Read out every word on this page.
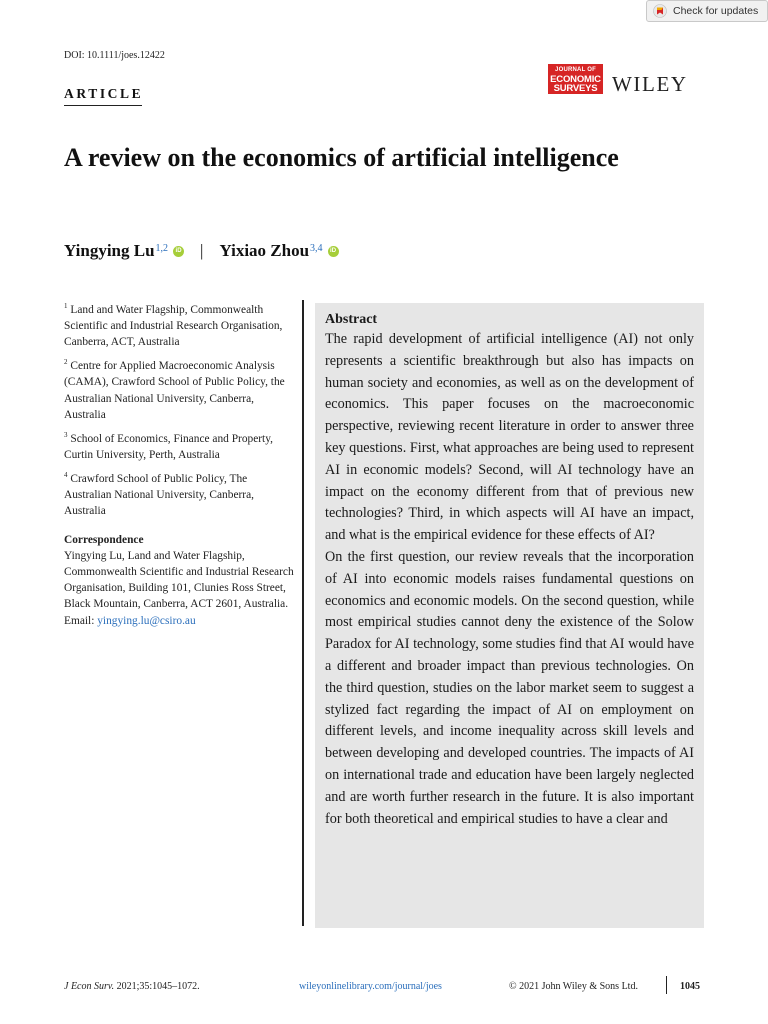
Check for updates
DOI: 10.1111/joes.12422
ARTICLE
JOURNAL OF
ECONOMIC
SURVEYS WILEY
A review on the economics of artificial intelligence
Yingying Lu$^{1,2}$	iD | Yixiao Zhou$^{3,4}$	iD

$^1$ Land and Water Flagship, Commonwealth Scientific and Industrial Research Organisation, Canberra, ACT, Australia

$^2$ Centre for Applied Macroeconomic Analysis (CAMA), Crawford School of Public Policy, the Australian National University, Canberra, Australia

$^3$ School of Economics, Finance and Property, Curtin University, Perth, Australia

$^4$ Crawford School of Public Policy, The Australian National University, Canberra, Australia

Correspondence
Yingying Lu, Land and Water Flagship, Commonwealth Scientific and Industrial Research Organisation, Building 101, Clunies Ross Street, Black Mountain, Canberra, ACT 2601, Australia.
Email: yingying.lu@csiro.au
Abstract

The rapid development of artificial intelligence (AI) not only represents a scientific breakthrough but also has impacts on human society and economies, as well as on the development of economics. This paper focuses on the macroeconomic perspective, reviewing recent literature in order to answer three key questions. First, what approaches are being used to represent AI in economic models? Second, will AI technology have an impact on the economy different from that of previous new technologies? Third, in which aspects will AI have an impact, and what is the empirical evidence for these effects of AI?

On the first question, our review reveals that the incorporation of AI into economic models raises fundamental questions on economics and economic models. On the second question, while most empirical studies cannot deny the existence of the Solow Paradox for AI technology, some studies find that AI would have a different and broader impact than previous technologies. On the third question, studies on the labor market seem to suggest a stylized fact regarding the impact of AI on employment on different levels, and income inequality across skill levels and between developing and developed countries. The impacts of AI on international trade and education have been largely neglected and are worth further research in the future. It is also important for both theoretical and empirical studies to have a clear and

J Econ Surv. 2021;35:1045–1072.	wileyonlinelibrary.com/journal/joes	© 2021 John Wiley & Sons Ltd.	1045
